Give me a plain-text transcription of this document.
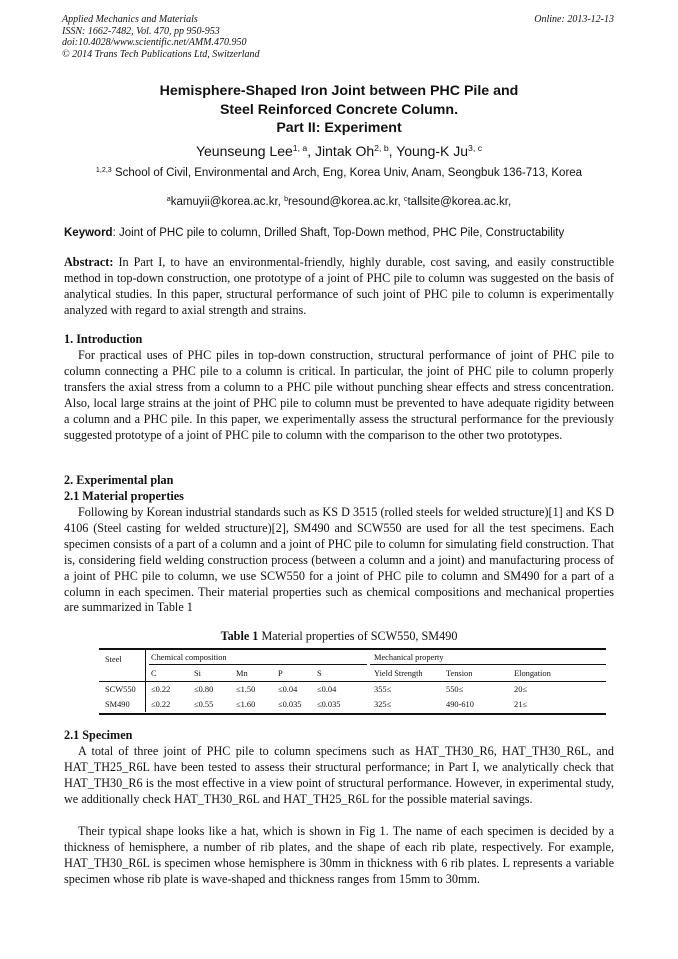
Applied Mechanics and Materials
ISSN: 1662-7482, Vol. 470, pp 950-953
doi:10.4028/www.scientific.net/AMM.470.950
© 2014 Trans Tech Publications Ltd, Switzerland
Online: 2013-12-13
Hemisphere-Shaped Iron Joint between PHC Pile and
Steel Reinforced Concrete Column.
Part II: Experiment
Yeunseung Lee$^{1, a}$, Jintak Oh$^{2, b}$, Young-K Ju$^{3, c}$
$^{1,2,3}$ School of Civil, Environmental and Arch, Eng, Korea Univ, Anam, Seongbuk 136-713, Korea
$^a$kamuyii@korea.ac.kr, $^b$resound@korea.ac.kr, $^c$tallsite@korea.ac.kr,
Keyword: Joint of PHC pile to column, Drilled Shaft, Top-Down method, PHC Pile, Constructability
Abstract: In Part I, to have an environmental-friendly, highly durable, cost saving, and easily constructible method in top-down construction, one prototype of a joint of PHC pile to column was suggested on the basis of analytical studies. In this paper, structural performance of such joint of PHC pile to column is experimentally analyzed with regard to axial strength and strains.
1. Introduction
For practical uses of PHC piles in top-down construction, structural performance of joint of PHC pile to column connecting a PHC pile to a column is critical. In particular, the joint of PHC pile to column properly transfers the axial stress from a column to a PHC pile without punching shear effects and stress concentration. Also, local large strains at the joint of PHC pile to column must be prevented to have adequate rigidity between a column and a PHC pile. In this paper, we experimentally assess the structural performance for the previously suggested prototype of a joint of PHC pile to column with the comparison to the other two prototypes.
2. Experimental plan
2.1 Material properties
Following by Korean industrial standards such as KS D 3515 (rolled steels for welded structure)[1] and KS D 4106 (Steel casting for welded structure)[2], SM490 and SCW550 are used for all the test specimens. Each specimen consists of a part of a column and a joint of PHC pile to column for simulating field construction. That is, considering field welding construction process (between a column and a joint) and manufacturing process of a joint of PHC pile to column, we use SCW550 for a joint of PHC pile to column and SM490 for a part of a column in each specimen. Their material properties such as chemical compositions and mechanical properties are summarized in Table 1
Table 1 Material properties of SCW550, SM490
Steel	Chemical composition	Mechanical property
C	Si	Mn	P	S	Yield Strength	Tension	Elongation
SCW550 ≤0.22	≤0.80	≤1.50	≤0.04 ≤0.04	355≤	550≤	20≤
SM490	≤0.22	≤0.55	≤1.60	≤0.035 ≤0.035	325≤	490-610	21≤
2.1 Specimen
A total of three joint of PHC pile to column specimens such as HAT_TH30_R6, HAT_TH30_R6L, and HAT_TH25_R6L have been tested to assess their structural performance; in Part I, we analytically check that HAT_TH30_R6 is the most effective in a view point of structural performance. However, in experimental study, we additionally check HAT_TH30_R6L and HAT_TH25_R6L for the possible material savings.
Their typical shape looks like a hat, which is shown in Fig 1. The name of each specimen is decided by a thickness of hemisphere, a number of rib plates, and the shape of each rib plate, respectively. For example, HAT_TH30_R6L is specimen whose hemisphere is 30mm in thickness with 6 rib plates. L represents a variable specimen whose rib plate is wave-shaped and thickness ranges from 15mm to 30mm.
